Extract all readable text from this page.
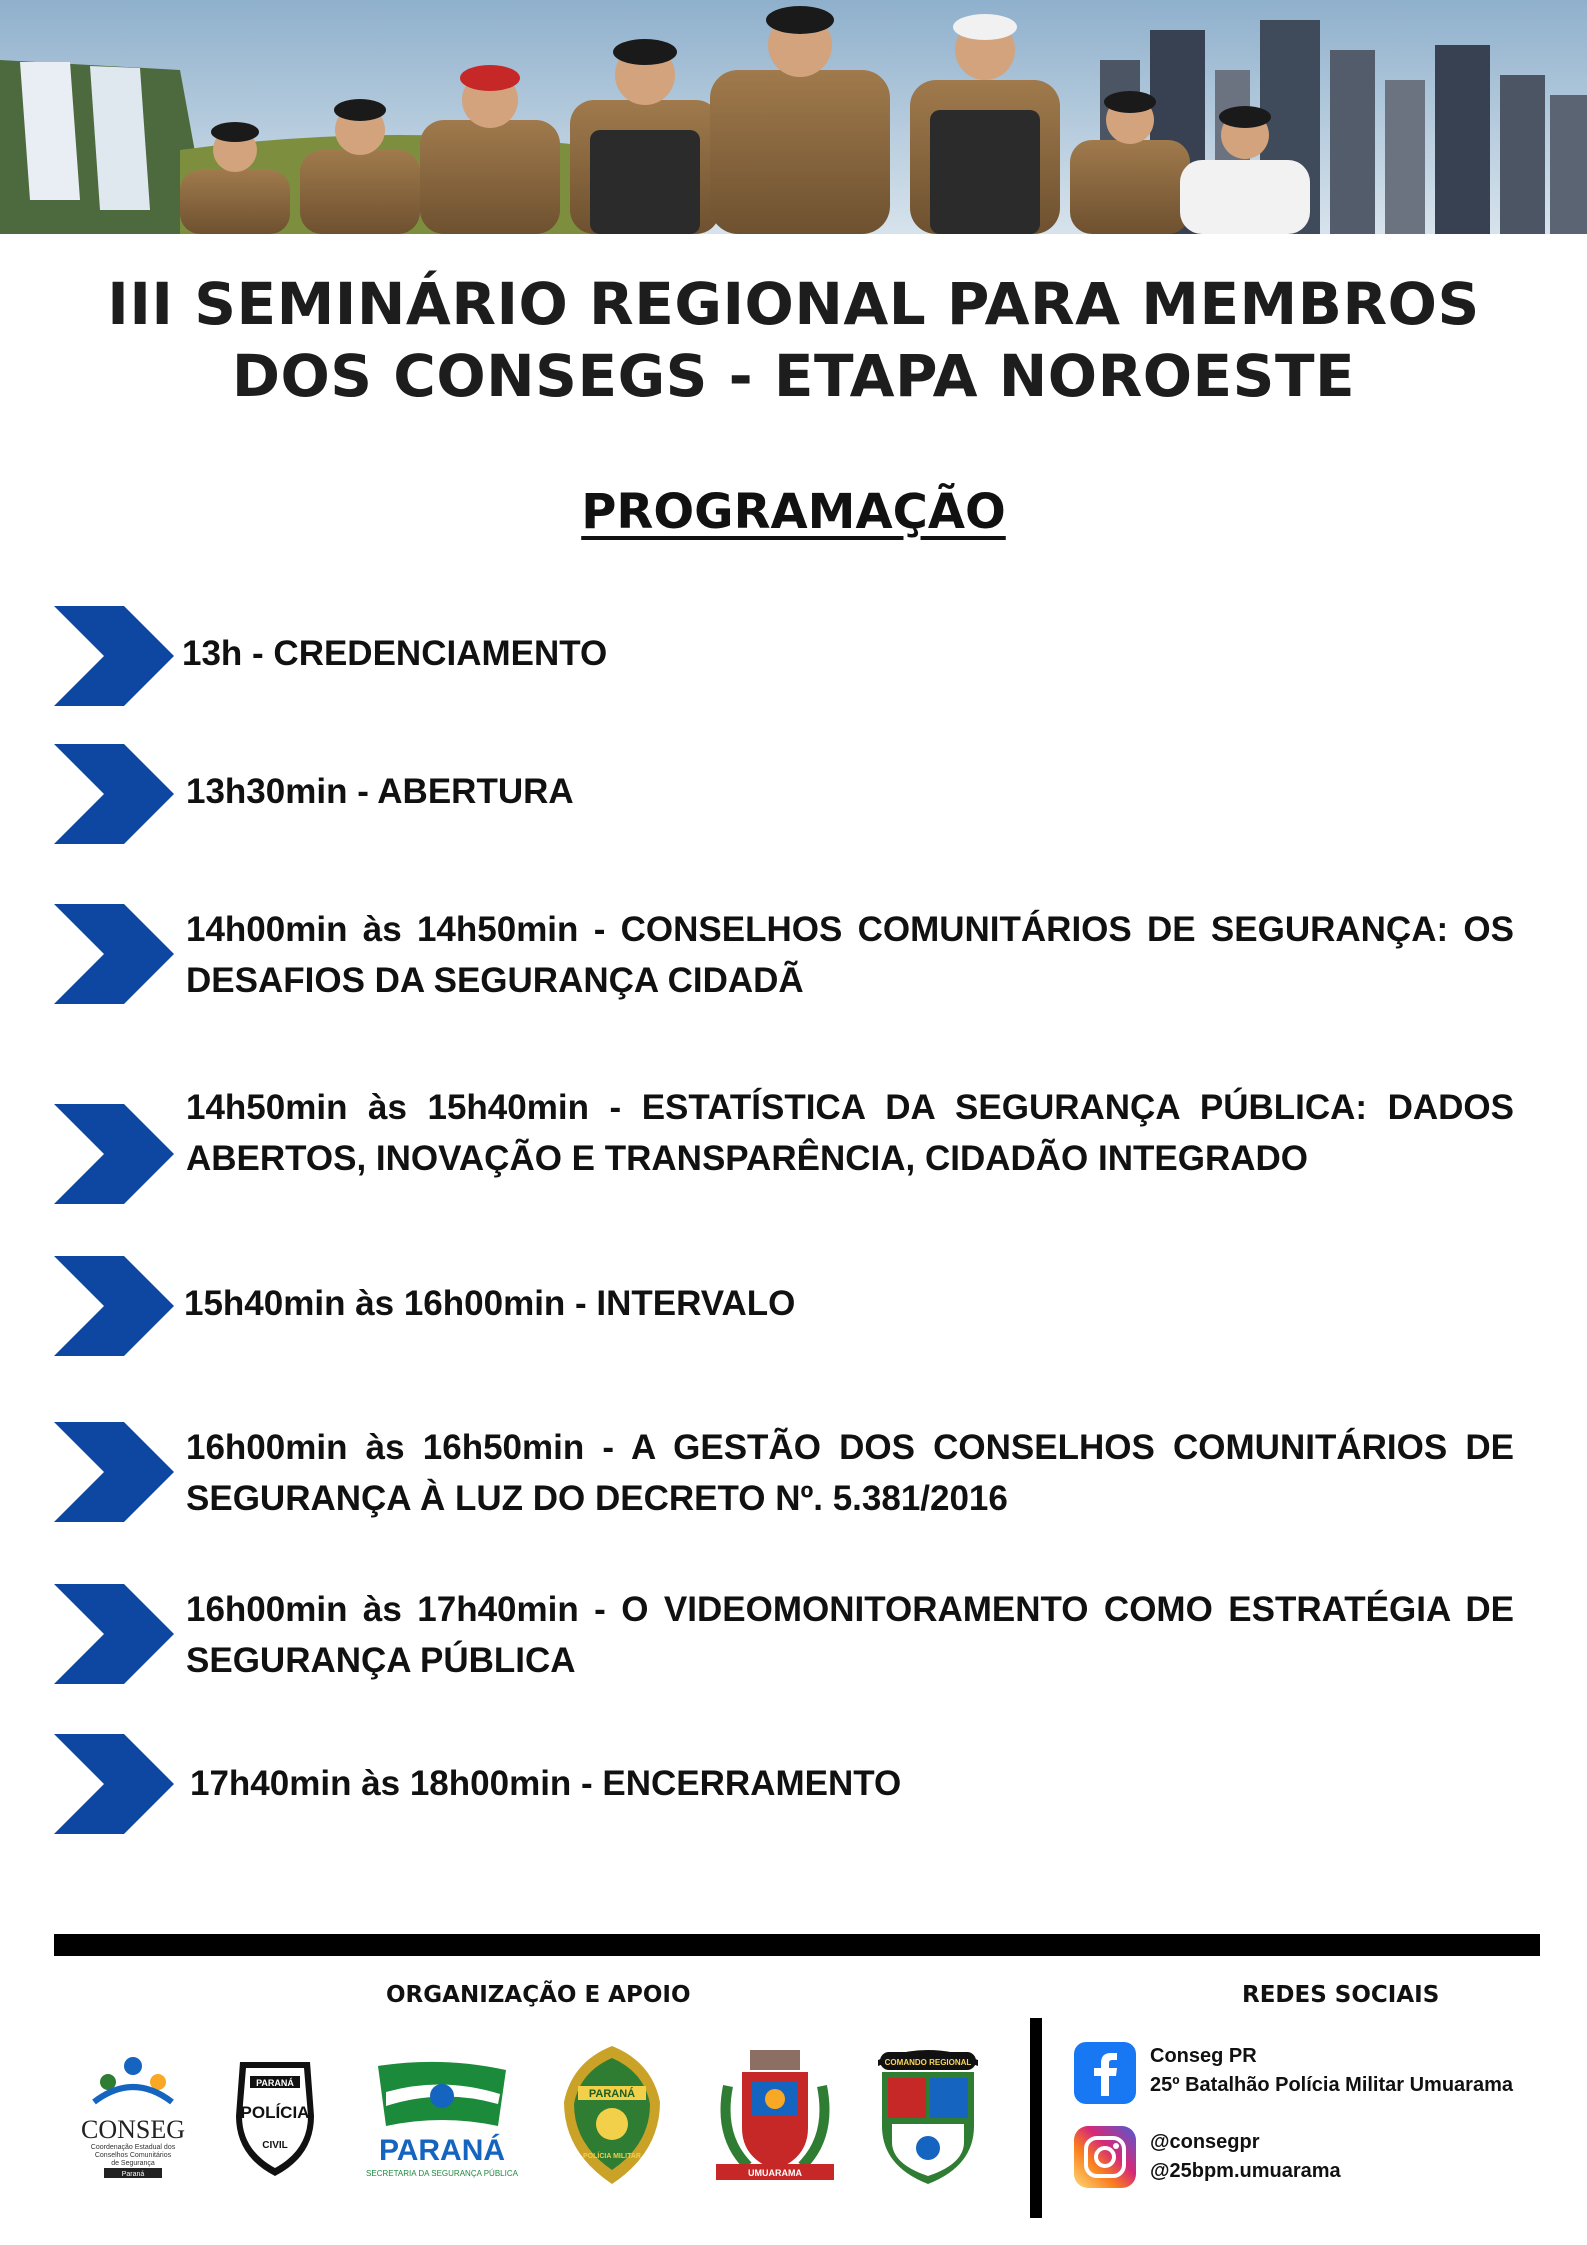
III SEMINÁRIO REGIONAL PARA MEMBROS
DOS CONSEGS - ETAPA NOROESTE
PROGRAMAÇÃO
13h - CREDENCIAMENTO
13h30min - ABERTURA
14h00min às 14h50min - CONSELHOS COMUNITÁRIOS DE SEGURANÇA: OS DESAFIOS DA SEGURANÇA CIDADÃ
14h50min às 15h40min - ESTATÍSTICA DA SEGURANÇA PÚBLICA: DADOS ABERTOS, INOVAÇÃO E TRANSPARÊNCIA, CIDADÃO INTEGRADO
15h40min às 16h00min - INTERVALO
16h00min às 16h50min - A GESTÃO DOS CONSELHOS COMUNITÁRIOS DE SEGURANÇA À LUZ DO DECRETO Nº. 5.381/2016
16h00min às 17h40min - O VIDEOMONITORAMENTO COMO ESTRATÉGIA DE SEGURANÇA PÚBLICA
17h40min às 18h00min - ENCERRAMENTO
ORGANIZAÇÃO E APOIO	REDES SOCIAIS
CONSEG
Coordenação Estadual dos
Conselhos Comunitários
de Segurança
Paraná
PARANÁ
POLÍCIA
CIVIL	PARANÁ
SECRETARIA DA SEGURANÇA PÚBLICA
PARANÁ
POLÍCIA MILITAR
UMUARAMA
COMANDO REGIONAL	Conseg PR
25º Batalhão Polícia Militar Umuarama
@consegpr
@25bpm.umuarama
